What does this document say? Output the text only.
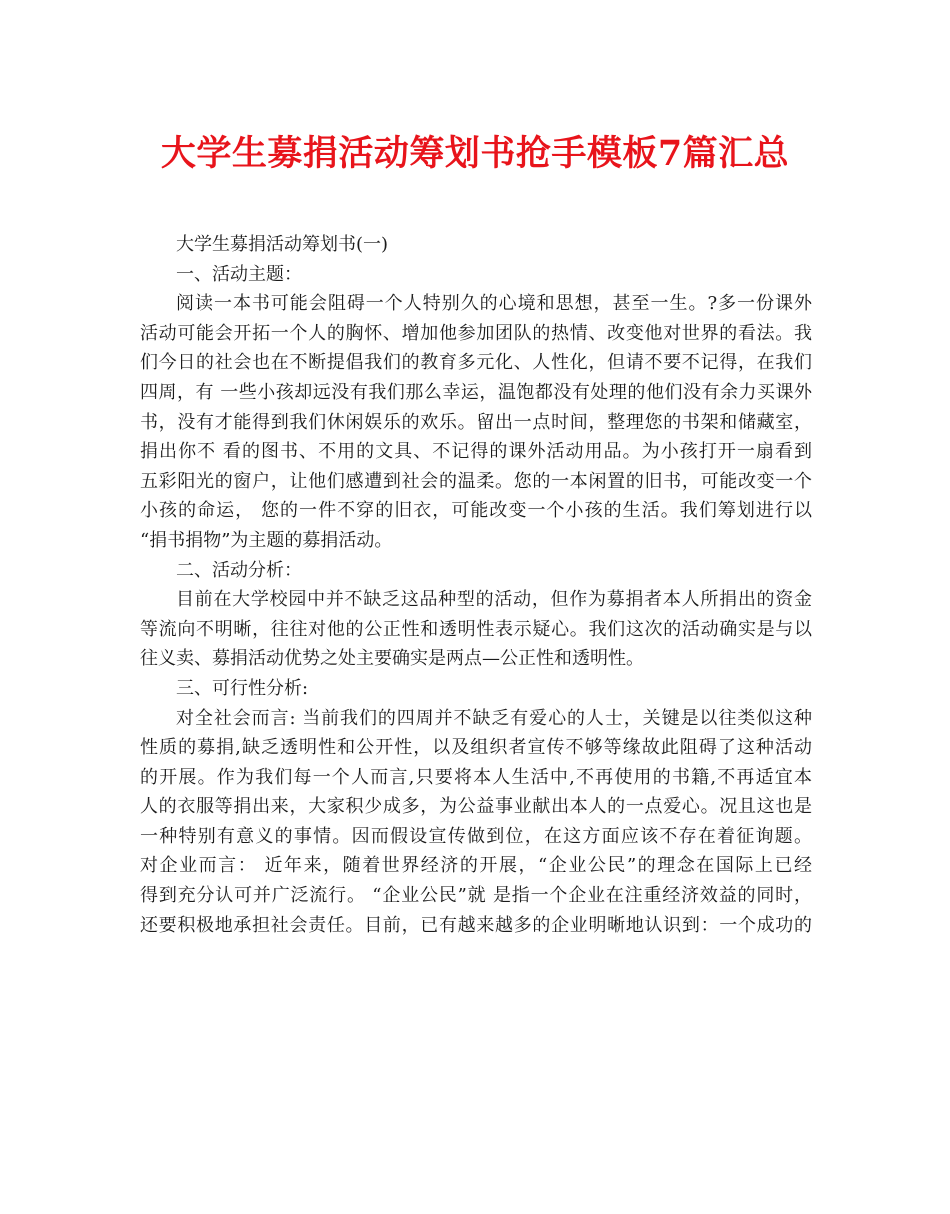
大学生募捐活动筹划书抢手模板7篇汇总
大学生募捐活动筹划书(一)
一、活动主题：
阅读一本书可能会阻碍一个人特别久的心境和思想，甚至一生。?多一份课外
活动可能会开拓一个人的胸怀、增加他参加团队的热情、改变他对世界的看法。我
们今日的社会也在不断提倡我们的教育多元化、人性化，但请不要不记得，在我们
四周，有 一些小孩却远没有我们那么幸运，温饱都没有处理的他们没有余力买课外
书，没有才能得到我们休闲娱乐的欢乐。留出一点时间，整理您的书架和储藏室，
捐出你不 看的图书、不用的文具、不记得的课外活动用品。为小孩打开一扇看到
五彩阳光的窗户，让他们感遭到社会的温柔。您的一本闲置的旧书，可能改变一个
小孩的命运， 您的一件不穿的旧衣，可能改变一个小孩的生活。我们筹划进行以
“捐书捐物”为主题的募捐活动。
二、活动分析：
目前在大学校园中并不缺乏这品种型的活动，但作为募捐者本人所捐出的资金
等流向不明晰，往往对他的公正性和透明性表示疑心。我们这次的活动确实是与以
往义卖、募捐活动优势之处主要确实是两点—公正性和透明性。
三、可行性分析:
对全社会而言: 当前我们的四周并不缺乏有爱心的人士，关键是以往类似这种
性质的募捐,缺乏透明性和公开性，以及组织者宣传不够等缘故此阻碍了这种活动
的开展。作为我们每一个人而言,只要将本人生活中,不再使用的书籍,不再适宜本
人的衣服等捐出来，大家积少成多，为公益事业献出本人的一点爱心。况且这也是
一种特别有意义的事情。因而假设宣传做到位，在这方面应该不存在着征询题。
对企业而言： 近年来，随着世界经济的开展，“企业公民”的理念在国际上已经
得到充分认可并广泛流行。 “企业公民”就 是指一个企业在注重经济效益的同时，
还要积极地承担社会责任。目前，已有越来越多的企业明晰地认识到：一个成功的
